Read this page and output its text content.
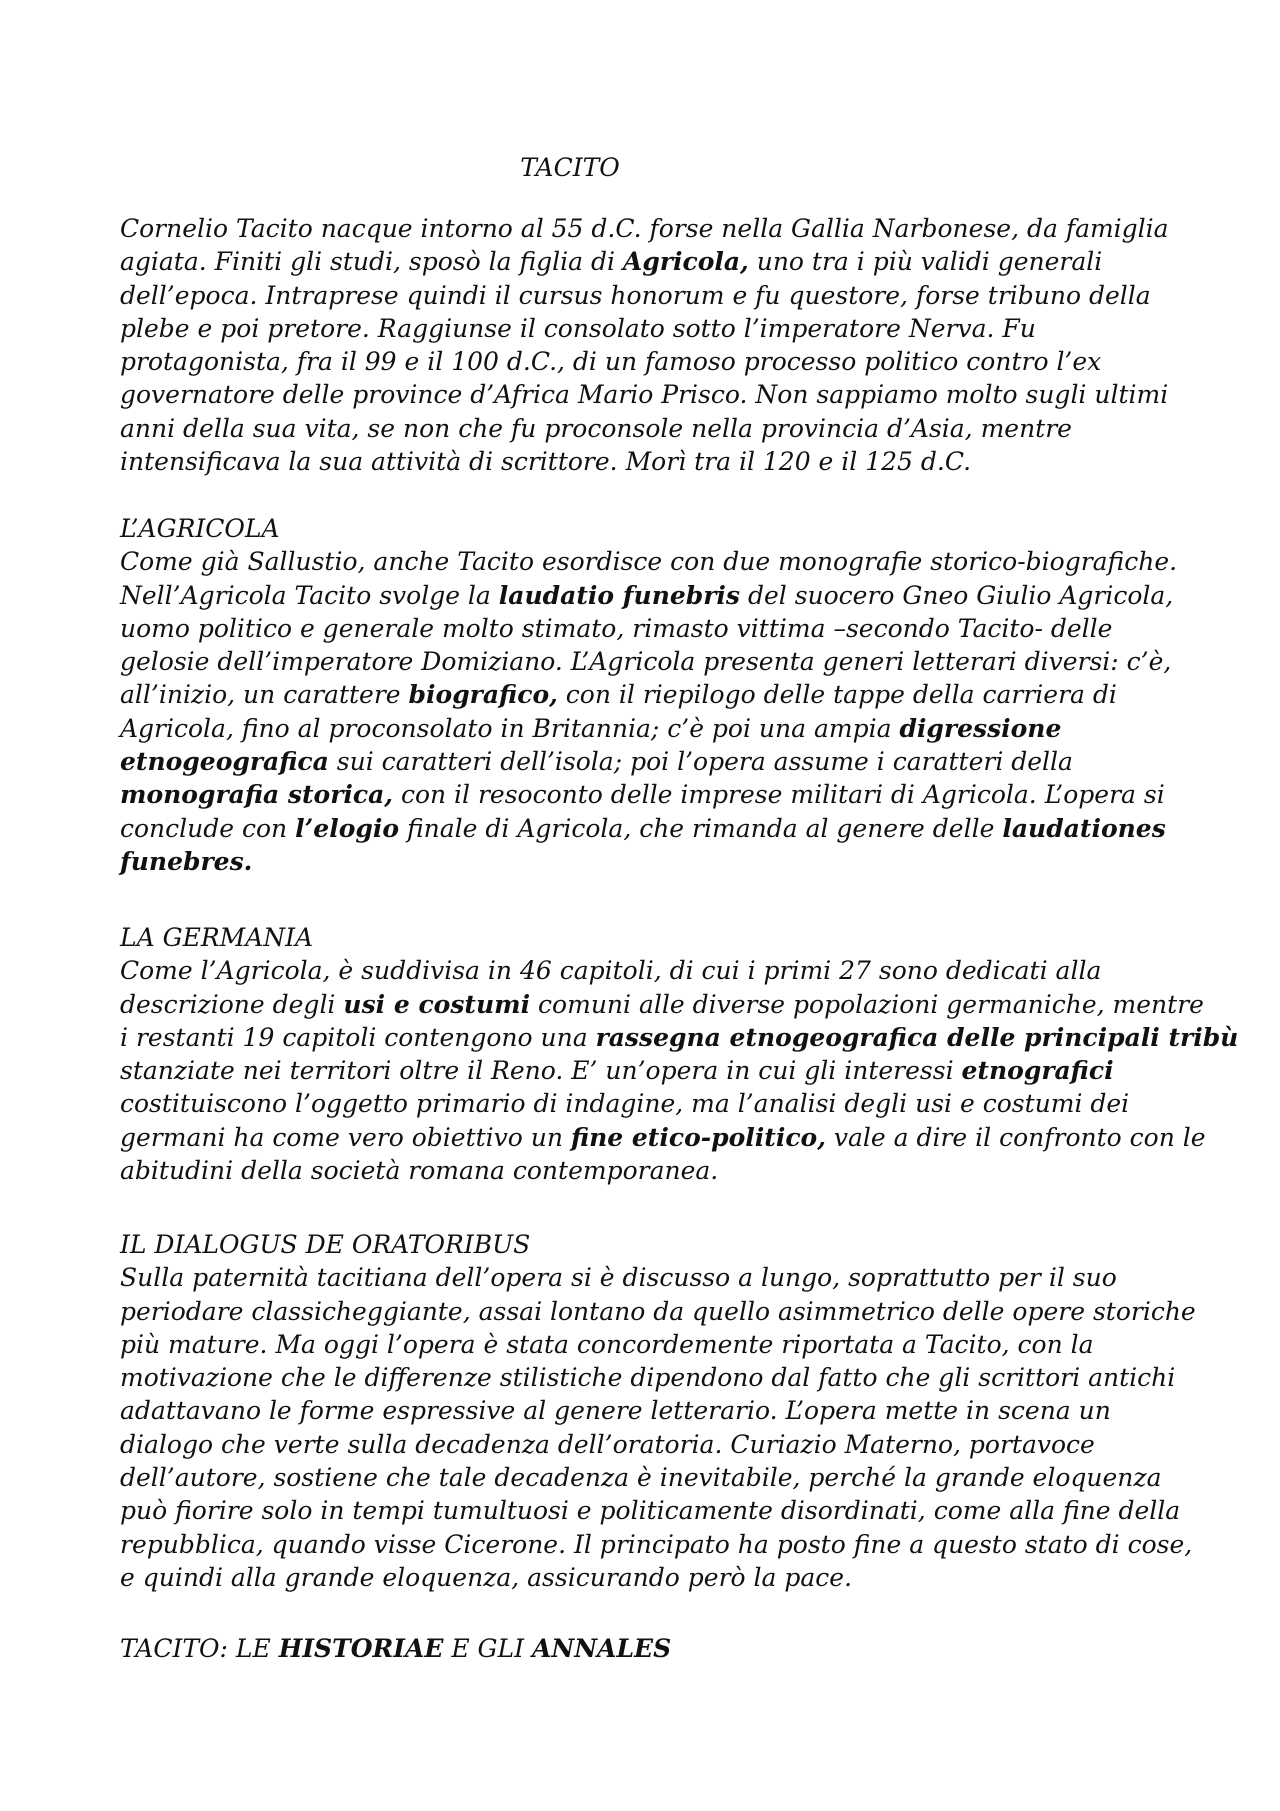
TACITO

Cornelio Tacito nacque intorno al 55 d.C. forse nella Gallia Narbonese, da famiglia
agiata. Finiti gli studi, sposò la figlia di Agricola, uno tra i più validi generali
dell’epoca. Intraprese quindi il cursus honorum e fu questore, forse tribuno della
plebe e poi pretore. Raggiunse il consolato sotto l’imperatore Nerva. Fu
protagonista, fra il 99 e il 100 d.C., di un famoso processo politico contro l’ex
governatore delle province d’Africa Mario Prisco. Non sappiamo molto sugli ultimi
anni della sua vita, se non che fu proconsole nella provincia d’Asia, mentre
intensificava la sua attività di scrittore. Morì tra il 120 e il 125 d.C.

L’AGRICOLA

Come già Sallustio, anche Tacito esordisce con due monografie storico-biografiche.
Nell’Agricola Tacito svolge la laudatio funebris del suocero Gneo Giulio Agricola,
uomo politico e generale molto stimato, rimasto vittima –secondo Tacito- delle
gelosie dell’imperatore Domiziano. L’Agricola presenta generi letterari diversi: c’è,
all’inizio, un carattere biografico, con il riepilogo delle tappe della carriera di
Agricola, fino al proconsolato in Britannia; c’è poi una ampia digressione
etnogeografica sui caratteri dell’isola; poi l’opera assume i caratteri della
monografia storica, con il resoconto delle imprese militari di Agricola. L’opera si
conclude con l’elogio finale di Agricola, che rimanda al genere delle laudationes
funebres.

LA GERMANIA

Come l’Agricola, è suddivisa in 46 capitoli, di cui i primi 27 sono dedicati alla
descrizione degli usi e costumi comuni alle diverse popolazioni germaniche, mentre
i restanti 19 capitoli contengono una rassegna etnogeografica delle principali tribù
stanziate nei territori oltre il Reno. E’ un’opera in cui gli interessi etnografici
costituiscono l’oggetto primario di indagine, ma l’analisi degli usi e costumi dei
germani ha come vero obiettivo un fine etico-politico, vale a dire il confronto con le
abitudini della società romana contemporanea.

IL DIALOGUS DE ORATORIBUS

Sulla paternità tacitiana dell’opera si è discusso a lungo, soprattutto per il suo
periodare classicheggiante, assai lontano da quello asimmetrico delle opere storiche
più mature. Ma oggi l’opera è stata concordemente riportata a Tacito, con la
motivazione che le differenze stilistiche dipendono dal fatto che gli scrittori antichi
adattavano le forme espressive al genere letterario. L’opera mette in scena un
dialogo che verte sulla decadenza dell’oratoria. Curiazio Materno, portavoce
dell’autore, sostiene che tale decadenza è inevitabile, perché la grande eloquenza
può fiorire solo in tempi tumultuosi e politicamente disordinati, come alla fine della
repubblica, quando visse Cicerone. Il principato ha posto fine a questo stato di cose,
e quindi alla grande eloquenza, assicurando però la pace.

TACITO: LE HISTORIAE E GLI ANNALES
